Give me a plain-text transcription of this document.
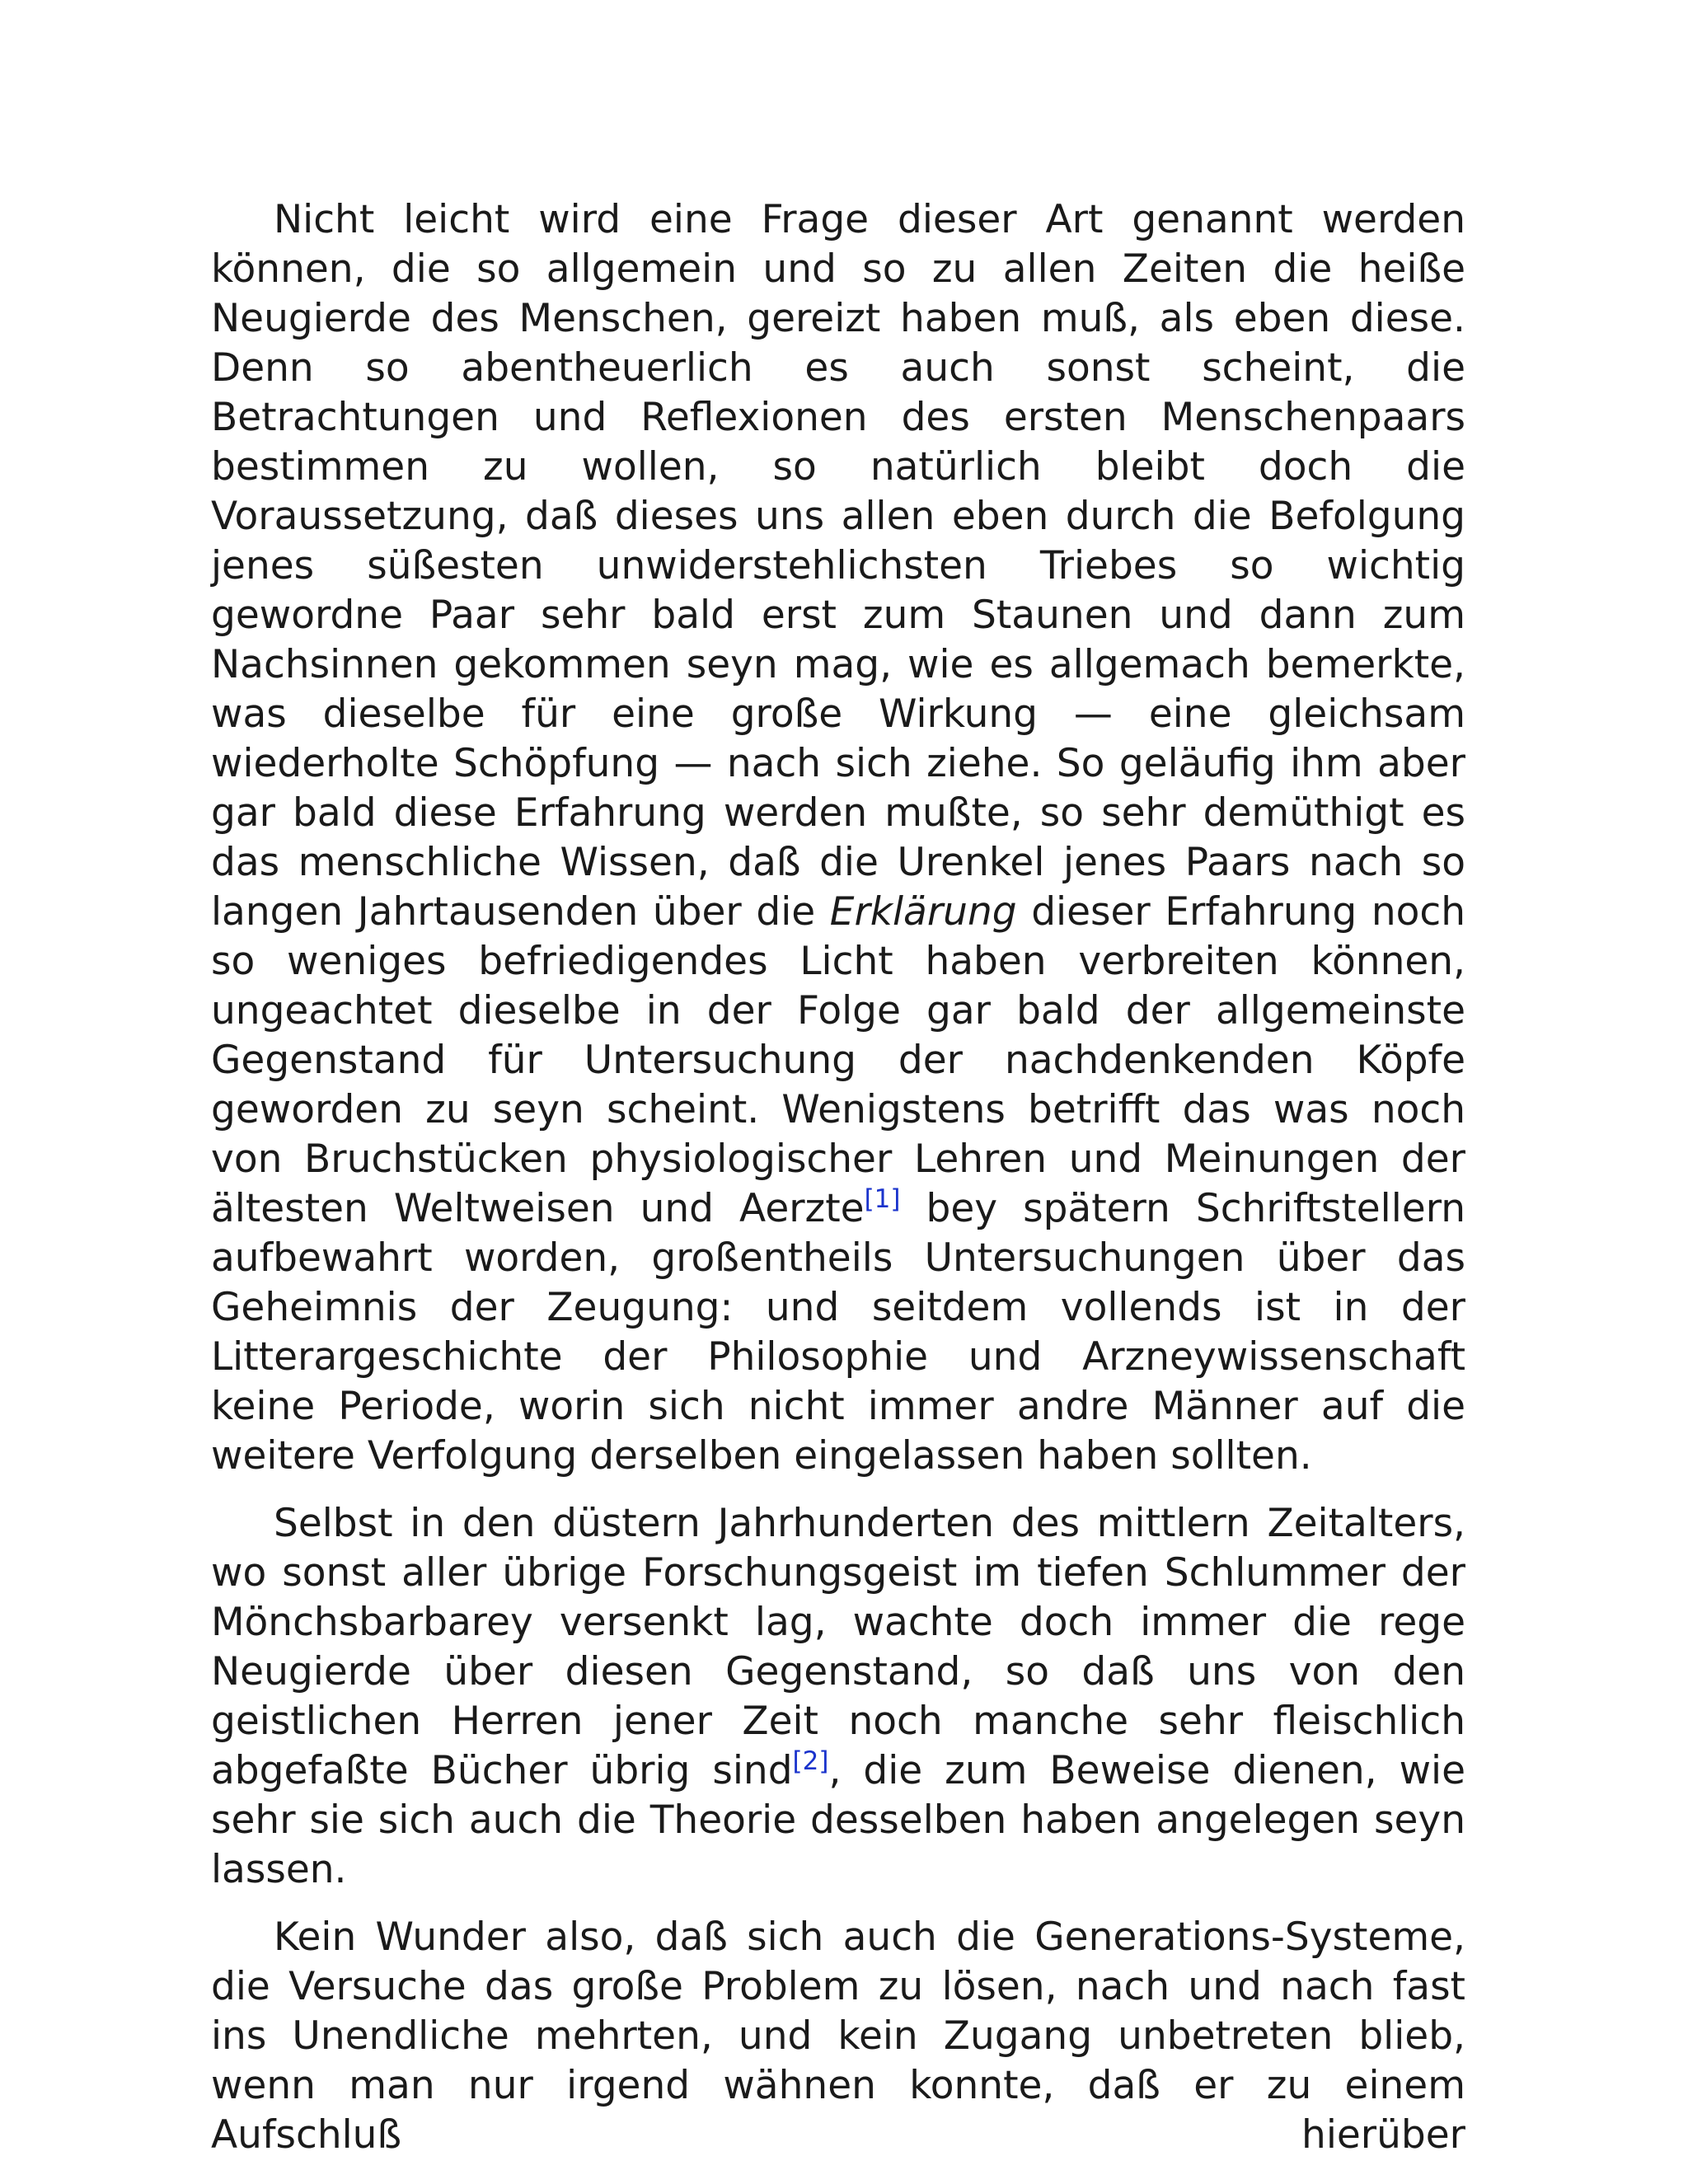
Nicht leicht wird eine Frage dieser Art genannt werden können, die so allgemein und so zu allen Zeiten die heiße Neugierde des Menschen, gereizt haben muß, als eben diese. Denn so abentheuerlich es auch sonst scheint, die Betrachtungen und Reflexionen des ersten Menschenpaars bestimmen zu wollen, so natürlich bleibt doch die Voraussetzung, daß dieses uns allen eben durch die Befolgung jenes süßesten unwiderstehlichsten Triebes so wichtig gewordne Paar sehr bald erst zum Staunen und dann zum Nachsinnen gekommen seyn mag, wie es allgemach bemerkte, was dieselbe für eine große Wirkung — eine gleichsam wiederholte Schöpfung — nach sich ziehe. So geläufig ihm aber gar bald diese Erfahrung werden mußte, so sehr demüthigt es das menschliche Wissen, daß die Urenkel jenes Paars nach so langen Jahrtausenden über die Erklärung dieser Erfahrung noch so weniges befriedigendes Licht haben verbreiten können, ungeachtet dieselbe in der Folge gar bald der allgemeinste Gegenstand für Untersuchung der nachdenkenden Köpfe geworden zu seyn scheint. Wenigstens betrifft das was noch von Bruchstücken physiologischer Lehren und Meinungen der ältesten Weltweisen und Aerzte[1] bey spätern Schriftstellern aufbewahrt worden, großentheils Untersuchungen über das Geheimnis der Zeugung: und seitdem vollends ist in der Litterargeschichte der Philosophie und Arzneywissenschaft keine Periode, worin sich nicht immer andre Männer auf die weitere Verfolgung derselben eingelassen haben sollten.

Selbst in den düstern Jahrhunderten des mittlern Zeitalters, wo sonst aller übrige Forschungsgeist im tiefen Schlummer der Mönchsbarbarey versenkt lag, wachte doch immer die rege Neugierde über diesen Gegenstand, so daß uns von den geistlichen Herren jener Zeit noch manche sehr fleischlich abgefaßte Bücher übrig sind[2], die zum Beweise dienen, wie sehr sie sich auch die Theorie desselben haben angelegen seyn lassen.

Kein Wunder also, daß sich auch die Generations-Systeme, die Versuche das große Problem zu lösen, nach und nach fast ins Unendliche mehrten, und kein Zugang unbetreten blieb, wenn man nur irgend wähnen konnte, daß er zu einem Aufschluß hierüber
